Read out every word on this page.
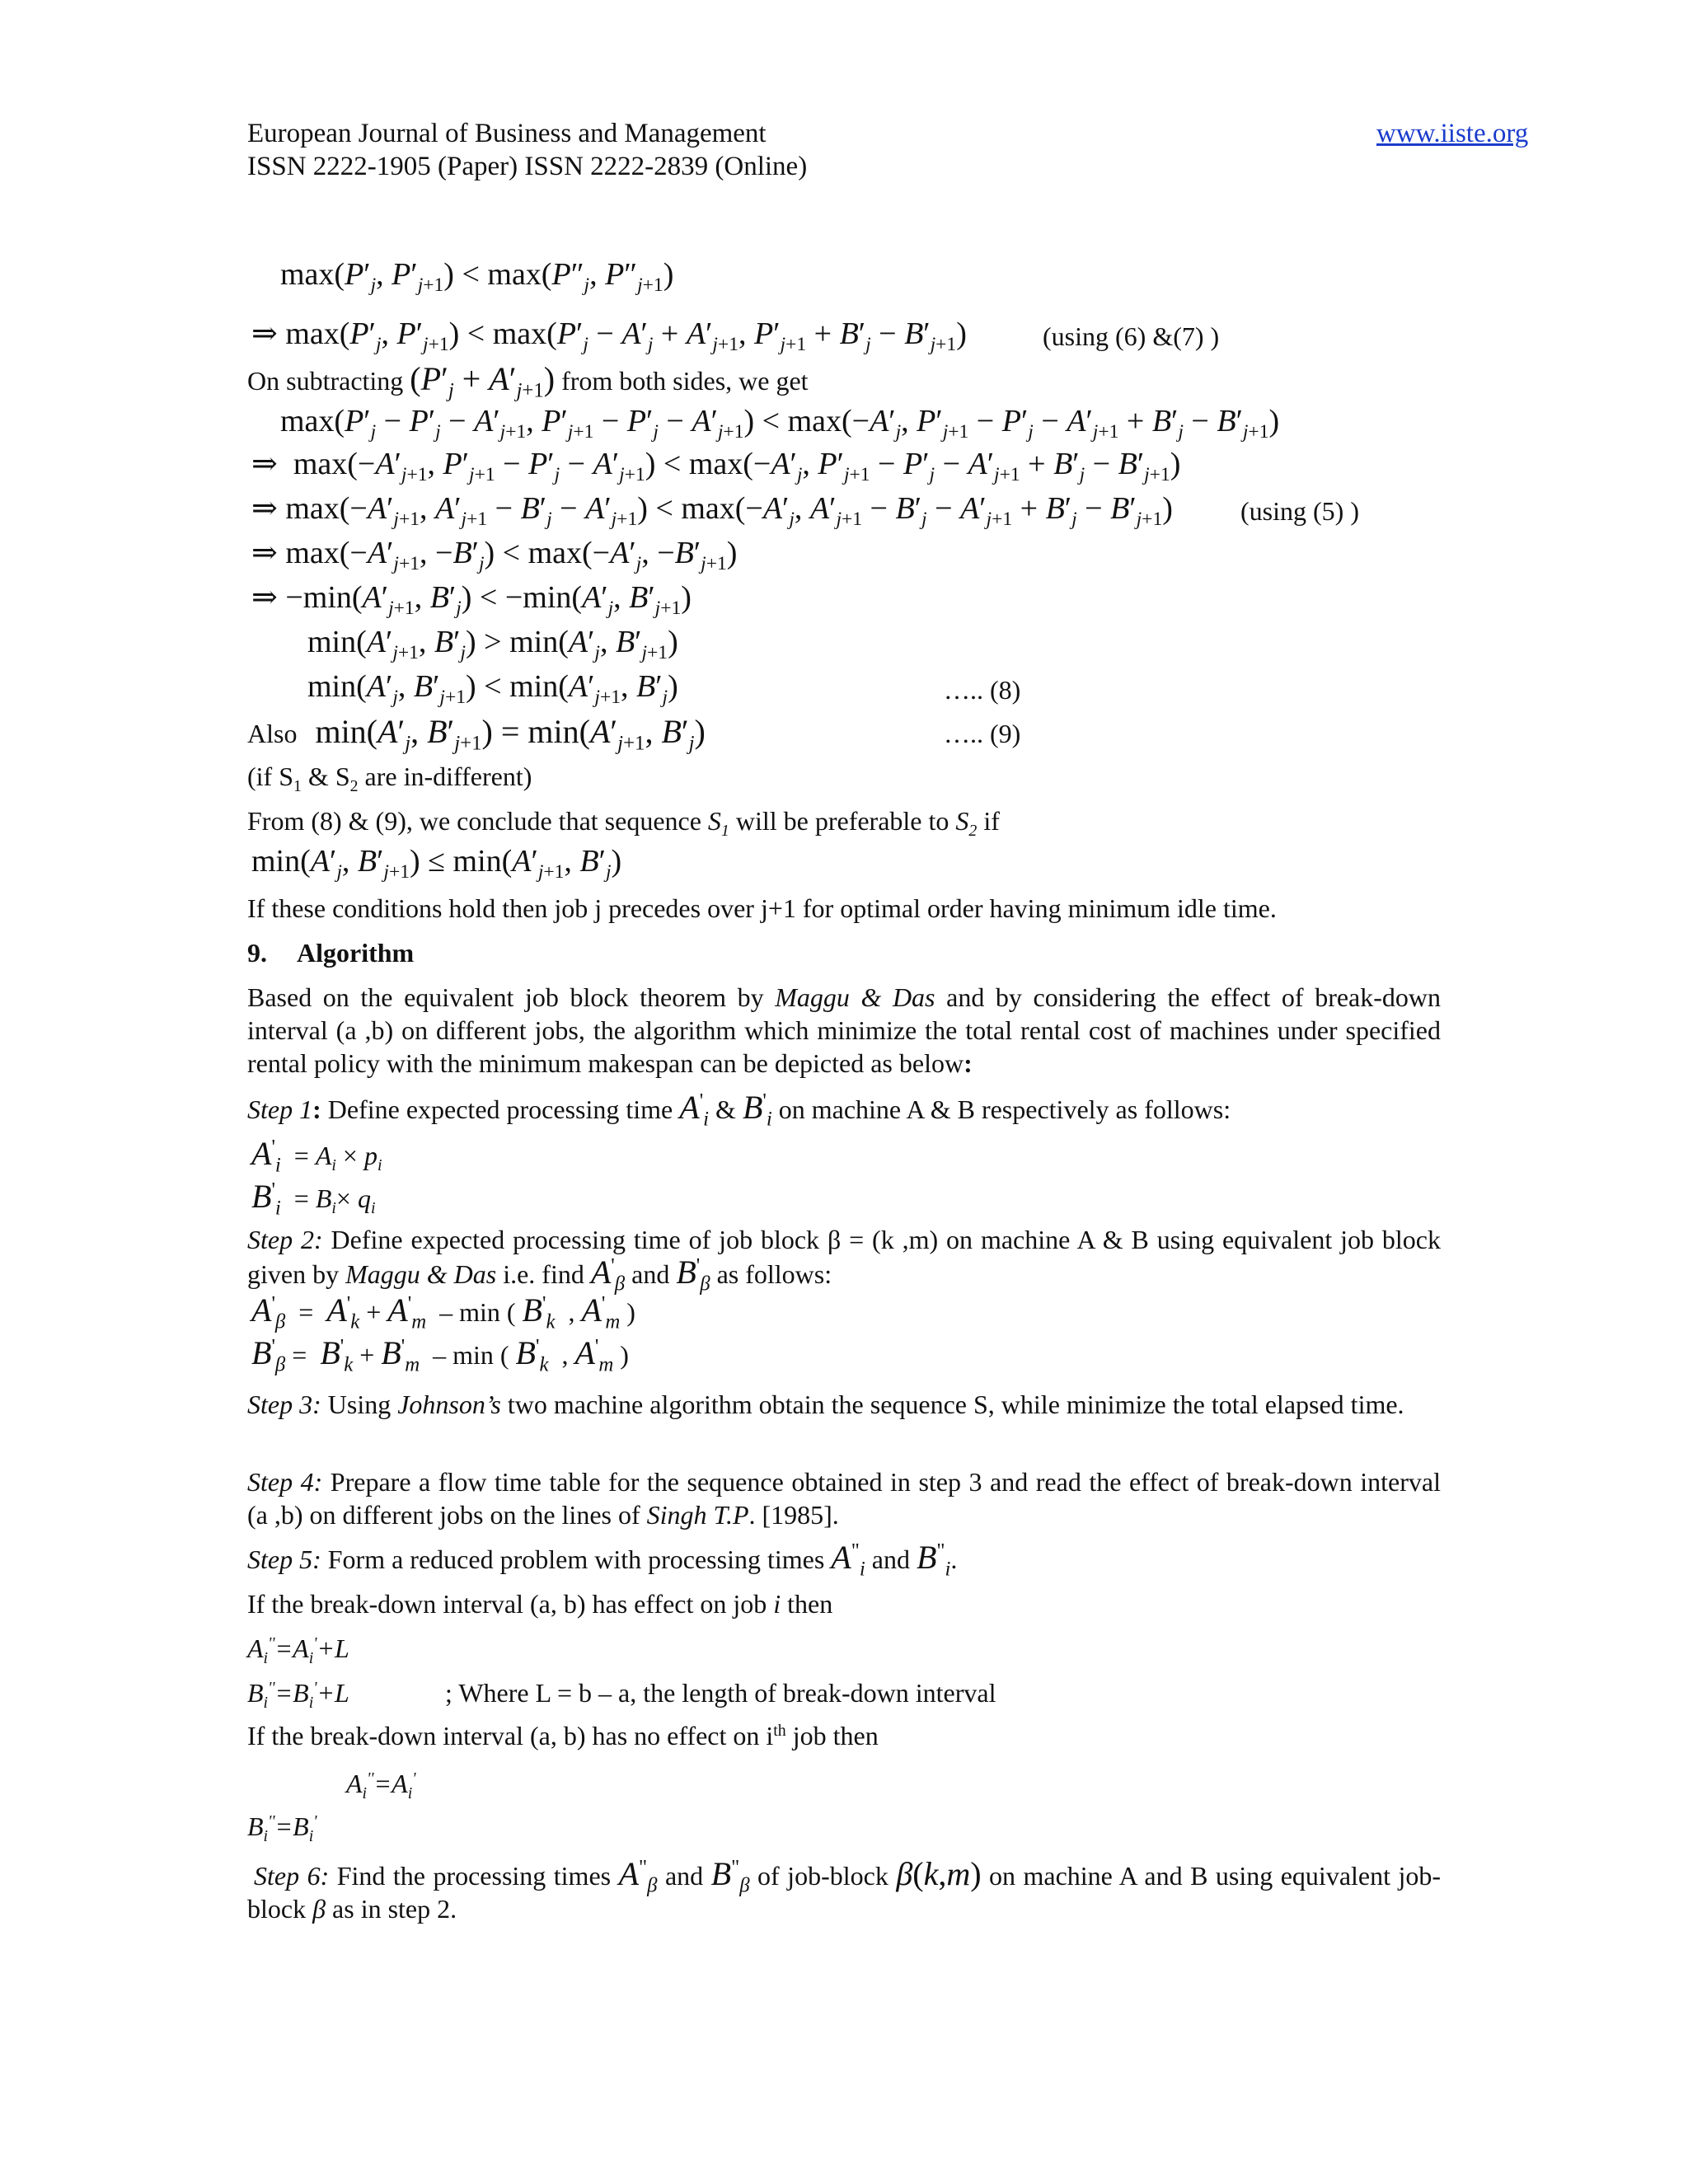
European Journal of Business and Management
ISSN 2222-1905 (Paper) ISSN 2222-2839 (Online)
www.iiste.org
$\max(P'_j$, $P'_{j+1}) < \max(P''_j$, $P''_{j+1}$)
⇒ $\max(P'_j$, $P'_{j+1}) < \max(P'_j - A'_j + A'_{j+1}$, $P'_{j+1} + B'_j - B'_{j+1}$)	(using (6) &(7) )
On subtracting $(P'_j + A'_{j+1})$ from both sides, we get
$\max(P'_j - P'_j - A'_{j+1}$, $P'_{j+1} - P'_j - A'_{j+1}) < \max(-A'_j$, $P'_{j+1} - P'_j - A'_{j+1} + B'_j - B'_{j+1}$)
⇒  $\max(-A'_{j+1}$, $P'_{j+1} - P'_j - A'_{j+1}) < \max(-A'_j$, $P'_{j+1} - P'_j - A'_{j+1} + B'_j - B'_{j+1}$)
⇒ $\max(-A'_{j+1}$, $A'_{j+1} - B'_j - A'_{j+1}) < \max(-A'_j$, $A'_{j+1} - B'_j - A'_{j+1} + B'_j - B'_{j+1}$)	(using (5) )
⇒ $\max(-A'_{j+1}$, $-B'_j) < \max(-A'_j$, $-B'_{j+1}$)
⇒ $-\min(A'_{j+1}$, $B'_j) < -\min(A'_j$, $B'_{j+1}$)
$\min(A'_{j+1}$, $B'_j) > \min(A'_j$, $B'_{j+1}$)
$\min(A'_j$, $B'_{j+1}) < \min(A'_{j+1}$, $B'_j$)	….. (8)
Also $\min(A'_j$, $B'_{j+1}) = \min(A'_{j+1}$, $B'_j$)	….. (9)
(if $S_1$ & $S_2$ are in-different)
From (8) & (9), we conclude that sequence $S_1$ will be preferable to $S_2$ if
$\min(A'_j$, $B'_{j+1}) \le \min(A'_{j+1}$, $B'_j$)
If these conditions hold then job j precedes over j+1 for optimal order having minimum idle time.
9. Algorithm
Based on the equivalent job block theorem by Maggu & Das and by considering the effect of break-down interval (a ,b) on different jobs, the algorithm which minimize the total rental cost of machines under specified rental policy with the minimum makespan can be depicted as below:
Step 1: Define expected processing time $A'_i$ & $B'_i$ on machine A & B respectively as follows:
$A'_i = A_i \times p_i$
$B'_i = B_i\times q_i$
Step 2: Define expected processing time of job block β = (k ,m) on machine A & B using equivalent job block given by Maggu & Das i.e. find $A'_\beta$ and $B'_\beta$ as follows:
$A'_\beta = A'_k + A'_m - \min$ ( $B'_k$  , $A'_m$ )
$B'_\beta = B'_k + B'_m - \min$ ( $B'_k$  , $A'_m$ )
Step 3: Using Johnson’s two machine algorithm obtain the sequence S, while minimize the total elapsed time.
Step 4: Prepare a flow time table for the sequence obtained in step 3 and read the effect of break-down interval (a ,b) on different jobs on the lines of Singh T.P. [1985].
Step 5: Form a reduced problem with processing times $A^"_i$ and $B^"_i$.
If the break-down interval (a, b) has effect on job i then
$A_i''=A_i'+L$
$B_i''=B_i'+L$	; Where L = b – a, the length of break-down interval
If the break-down interval (a, b) has no effect on $i^{th}$ job then
$A_i''=A_i'$
$B_i''=B_i'$
Step 6: Find the processing times $A^"_\beta$ and $B^"_\beta$ of job-block β(k,m) on machine A and B using equivalent job-block β as in step 2.
